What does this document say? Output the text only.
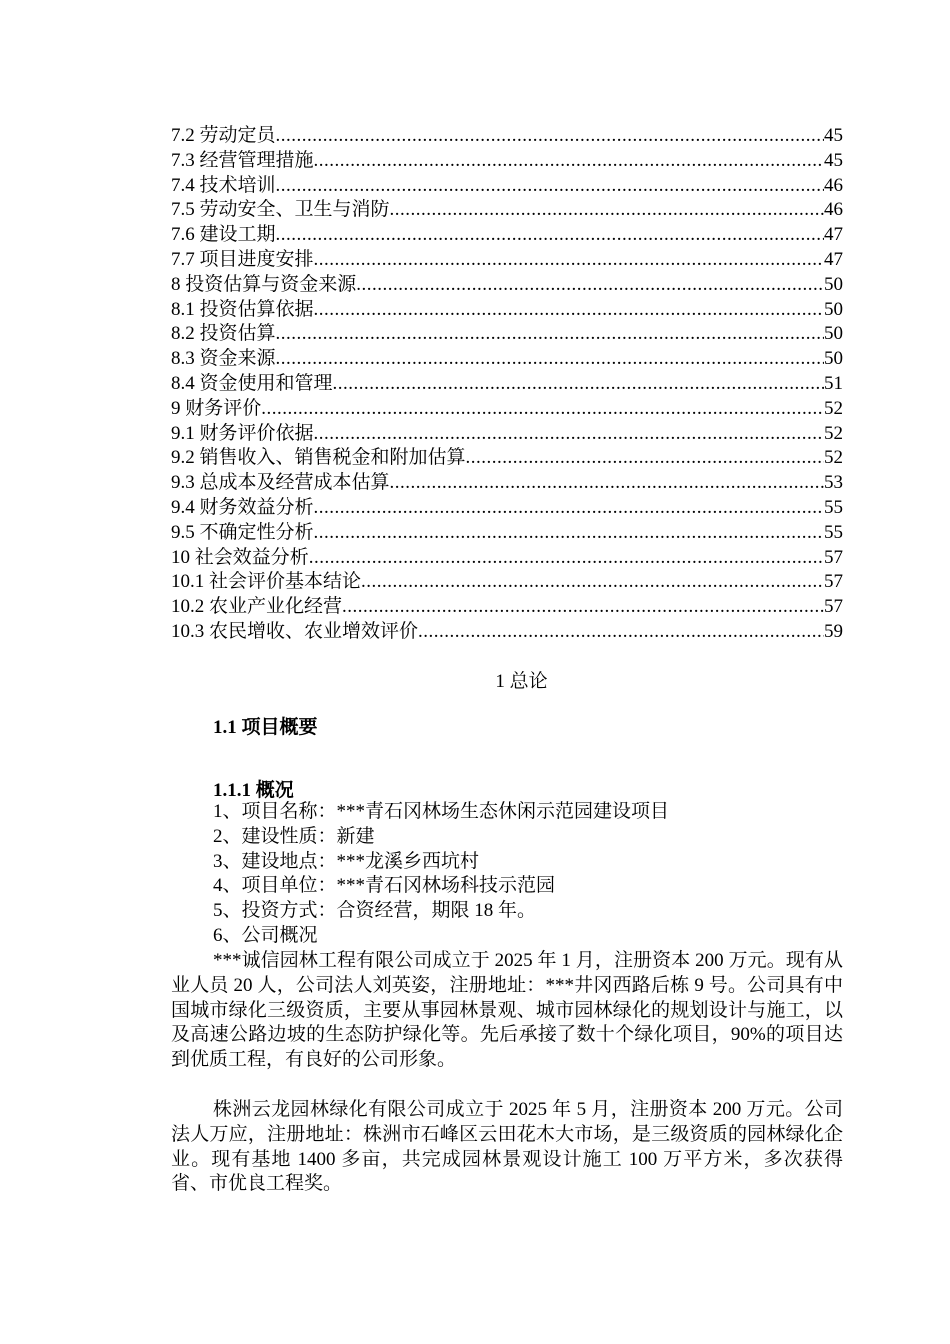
7.2 劳动定员 .....	45
7.3 经营管理措施 .....	45
7.4 技术培训 .....	46
7.5 劳动安全、卫生与消防 .....	46
7.6 建设工期 .....	47
7.7 项目进度安排 .....	47
8 投资估算与资金来源 .....	50
8.1 投资估算依据 .....	50
8.2 投资估算 .....	50
8.3 资金来源 .....	50
8.4 资金使用和管理 .....	51
9 财务评价 .....	52
9.1 财务评价依据 .....	52
9.2 销售收入、销售税金和附加估算 .....	52
9.3 总成本及经营成本估算 .....	53
9.4 财务效益分析 .....	55
9.5 不确定性分析 .....	55
10 社会效益分析 .....	57
10.1 社会评价基本结论 .....	57
10.2 农业产业化经营 .....	57
10.3 农民增收、农业增效评价 .....	59
1 总论
1.1 项目概要
1.1.1 概况
1、项目名称：***青石冈林场生态休闲示范园建设项目
2、建设性质：新建
3、建设地点：***龙溪乡西坑村
4、项目单位：***青石冈林场科技示范园
5、投资方式：合资经营，期限 18 年。
6、公司概况
***诚信园林工程有限公司成立于 2025 年 1 月，注册资本 200 万元。现有从业人员 20 人，公司法人刘英姿，注册地址：***井冈西路后栋 9 号。公司具有中国城市绿化三级资质，主要从事园林景观、城市园林绿化的规划设计与施工，以及高速公路边坡的生态防护绿化等。先后承接了数十个绿化项目，90%的项目达到优质工程，有良好的公司形象。
株洲云龙园林绿化有限公司成立于 2025 年 5 月，注册资本 200 万元。公司法人万应，注册地址：株洲市石峰区云田花木大市场，是三级资质的园林绿化企业。现有基地 1400 多亩，共完成园林景观设计施工 100 万平方米，多次获得省、市优良工程奖。
